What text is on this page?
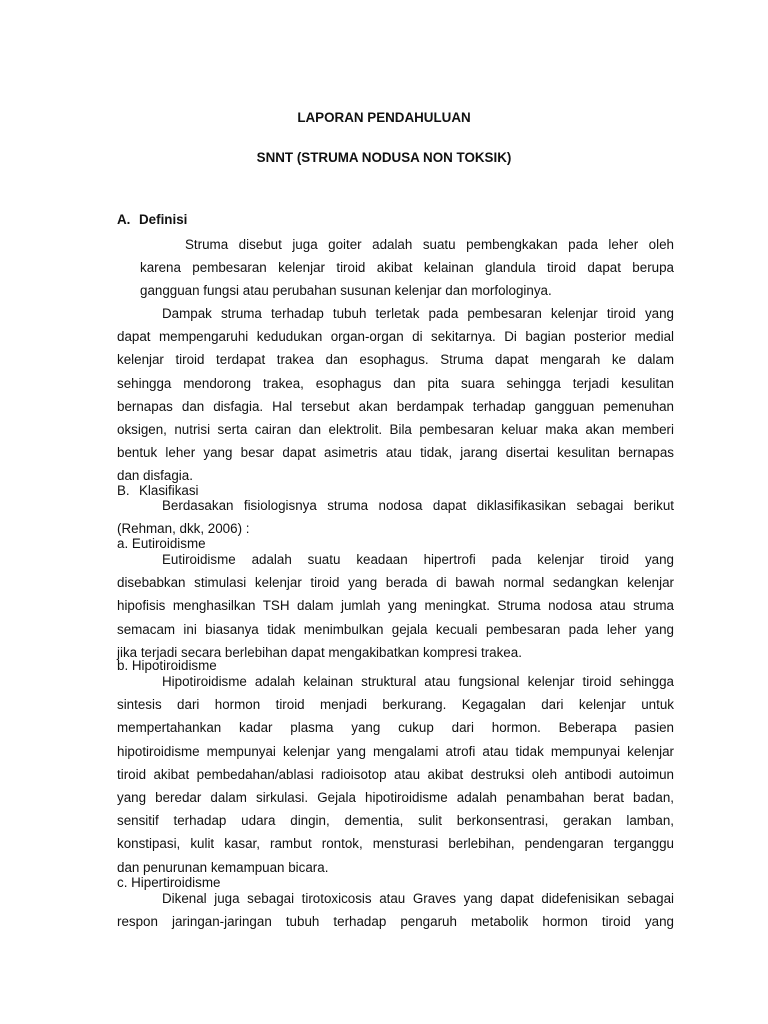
LAPORAN PENDAHULUAN
SNNT (STRUMA NODUSA NON TOKSIK)
A. Definisi
Struma disebut juga goiter adalah suatu pembengkakan pada leher oleh
karena pembesaran kelenjar tiroid akibat kelainan glandula tiroid dapat berupa
gangguan fungsi atau perubahan susunan kelenjar dan morfologinya.
Dampak struma terhadap tubuh terletak pada pembesaran kelenjar tiroid yang
dapat mempengaruhi kedudukan organ-organ di sekitarnya. Di bagian posterior medial
kelenjar tiroid terdapat trakea dan esophagus. Struma dapat mengarah ke dalam
sehingga mendorong trakea, esophagus dan pita suara sehingga terjadi kesulitan
bernapas dan disfagia. Hal tersebut akan berdampak terhadap gangguan pemenuhan
oksigen, nutrisi serta cairan dan elektrolit. Bila pembesaran keluar maka akan memberi
bentuk leher yang besar dapat asimetris atau tidak, jarang disertai kesulitan bernapas
dan disfagia.
B. Klasifikasi
Berdasakan fisiologisnya struma nodosa dapat diklasifikasikan sebagai berikut
(Rehman, dkk, 2006) :
a. Eutiroidisme
Eutiroidisme adalah suatu keadaan hipertrofi pada kelenjar tiroid yang
disebabkan stimulasi kelenjar tiroid yang berada di bawah normal sedangkan kelenjar
hipofisis menghasilkan TSH dalam jumlah yang meningkat. Struma nodosa atau struma
semacam ini biasanya tidak menimbulkan gejala kecuali pembesaran pada leher yang
jika terjadi secara berlebihan dapat mengakibatkan kompresi trakea.
b. Hipotiroidisme
Hipotiroidisme adalah kelainan struktural atau fungsional kelenjar tiroid sehingga
sintesis dari hormon tiroid menjadi berkurang. Kegagalan dari kelenjar untuk
mempertahankan kadar plasma yang cukup dari hormon. Beberapa pasien
hipotiroidisme mempunyai kelenjar yang mengalami atrofi atau tidak mempunyai kelenjar
tiroid akibat pembedahan/ablasi radioisotop atau akibat destruksi oleh antibodi autoimun
yang beredar dalam sirkulasi. Gejala hipotiroidisme adalah penambahan berat badan,
sensitif terhadap udara dingin, dementia, sulit berkonsentrasi, gerakan lamban,
konstipasi, kulit kasar, rambut rontok, mensturasi berlebihan, pendengaran terganggu
dan penurunan kemampuan bicara.
c. Hipertiroidisme
Dikenal juga sebagai tirotoxicosis atau Graves yang dapat didefenisikan sebagai
respon jaringan-jaringan tubuh terhadap pengaruh metabolik hormon tiroid yang
